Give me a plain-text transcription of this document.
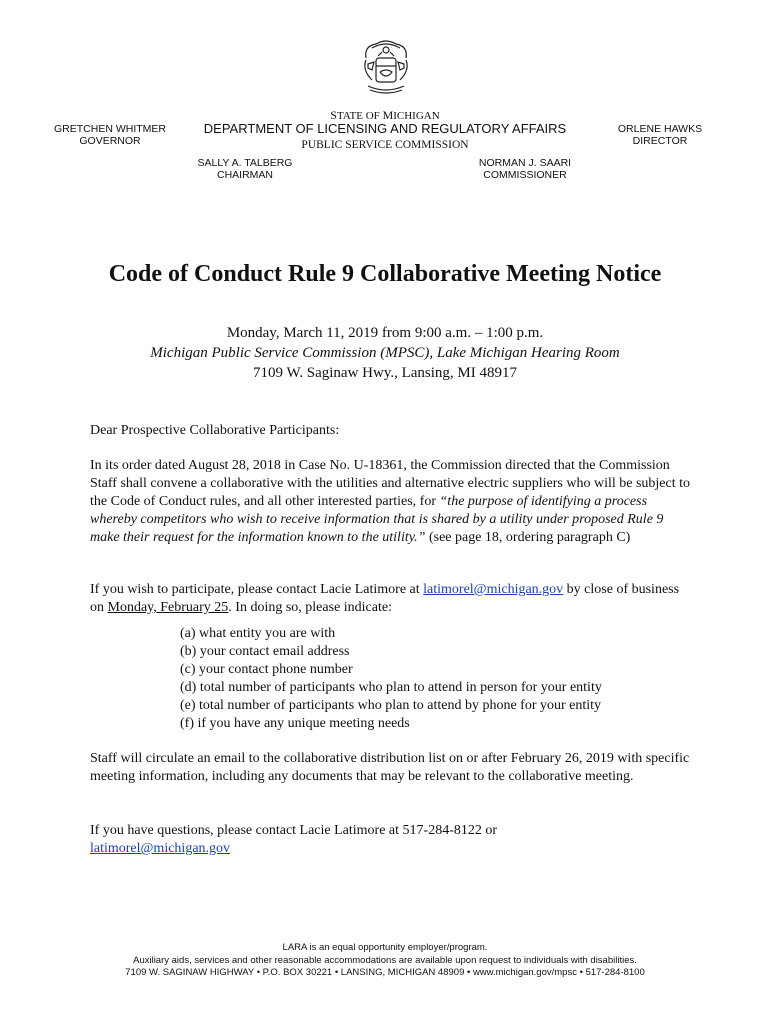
STATE OF MICHIGAN
DEPARTMENT OF LICENSING AND REGULATORY AFFAIRS
PUBLIC SERVICE COMMISSION
GRETCHEN WHITMER
GOVERNOR
ORLENE HAWKS
DIRECTOR
SALLY A. TALBERG
CHAIRMAN
NORMAN J. SAARI
COMMISSIONER
Code of Conduct Rule 9 Collaborative Meeting Notice
Monday, March 11, 2019 from 9:00 a.m. – 1:00 p.m.
Michigan Public Service Commission (MPSC), Lake Michigan Hearing Room
7109 W. Saginaw Hwy., Lansing, MI 48917
Dear Prospective Collaborative Participants:
In its order dated August 28, 2018 in Case No. U-18361, the Commission directed that the Commission Staff shall convene a collaborative with the utilities and alternative electric suppliers who will be subject to the Code of Conduct rules, and all other interested parties, for “the purpose of identifying a process whereby competitors who wish to receive information that is shared by a utility under proposed Rule 9 make their request for the information known to the utility.” (see page 18, ordering paragraph C)
If you wish to participate, please contact Lacie Latimore at latimorel@michigan.gov by close of business on Monday, February 25. In doing so, please indicate:
(a) what entity you are with
(b) your contact email address
(c) your contact phone number
(d) total number of participants who plan to attend in person for your entity
(e) total number of participants who plan to attend by phone for your entity
(f) if you have any unique meeting needs
Staff will circulate an email to the collaborative distribution list on or after February 26, 2019 with specific meeting information, including any documents that may be relevant to the collaborative meeting.
If you have questions, please contact Lacie Latimore at 517-284-8122 or
latimorel@michigan.gov
LARA is an equal opportunity employer/program.
Auxiliary aids, services and other reasonable accommodations are available upon request to individuals with disabilities.
7109 W. SAGINAW HIGHWAY • P.O. BOX 30221 • LANSING, MICHIGAN 48909 • www.michigan.gov/mpsc • 517-284-8100
